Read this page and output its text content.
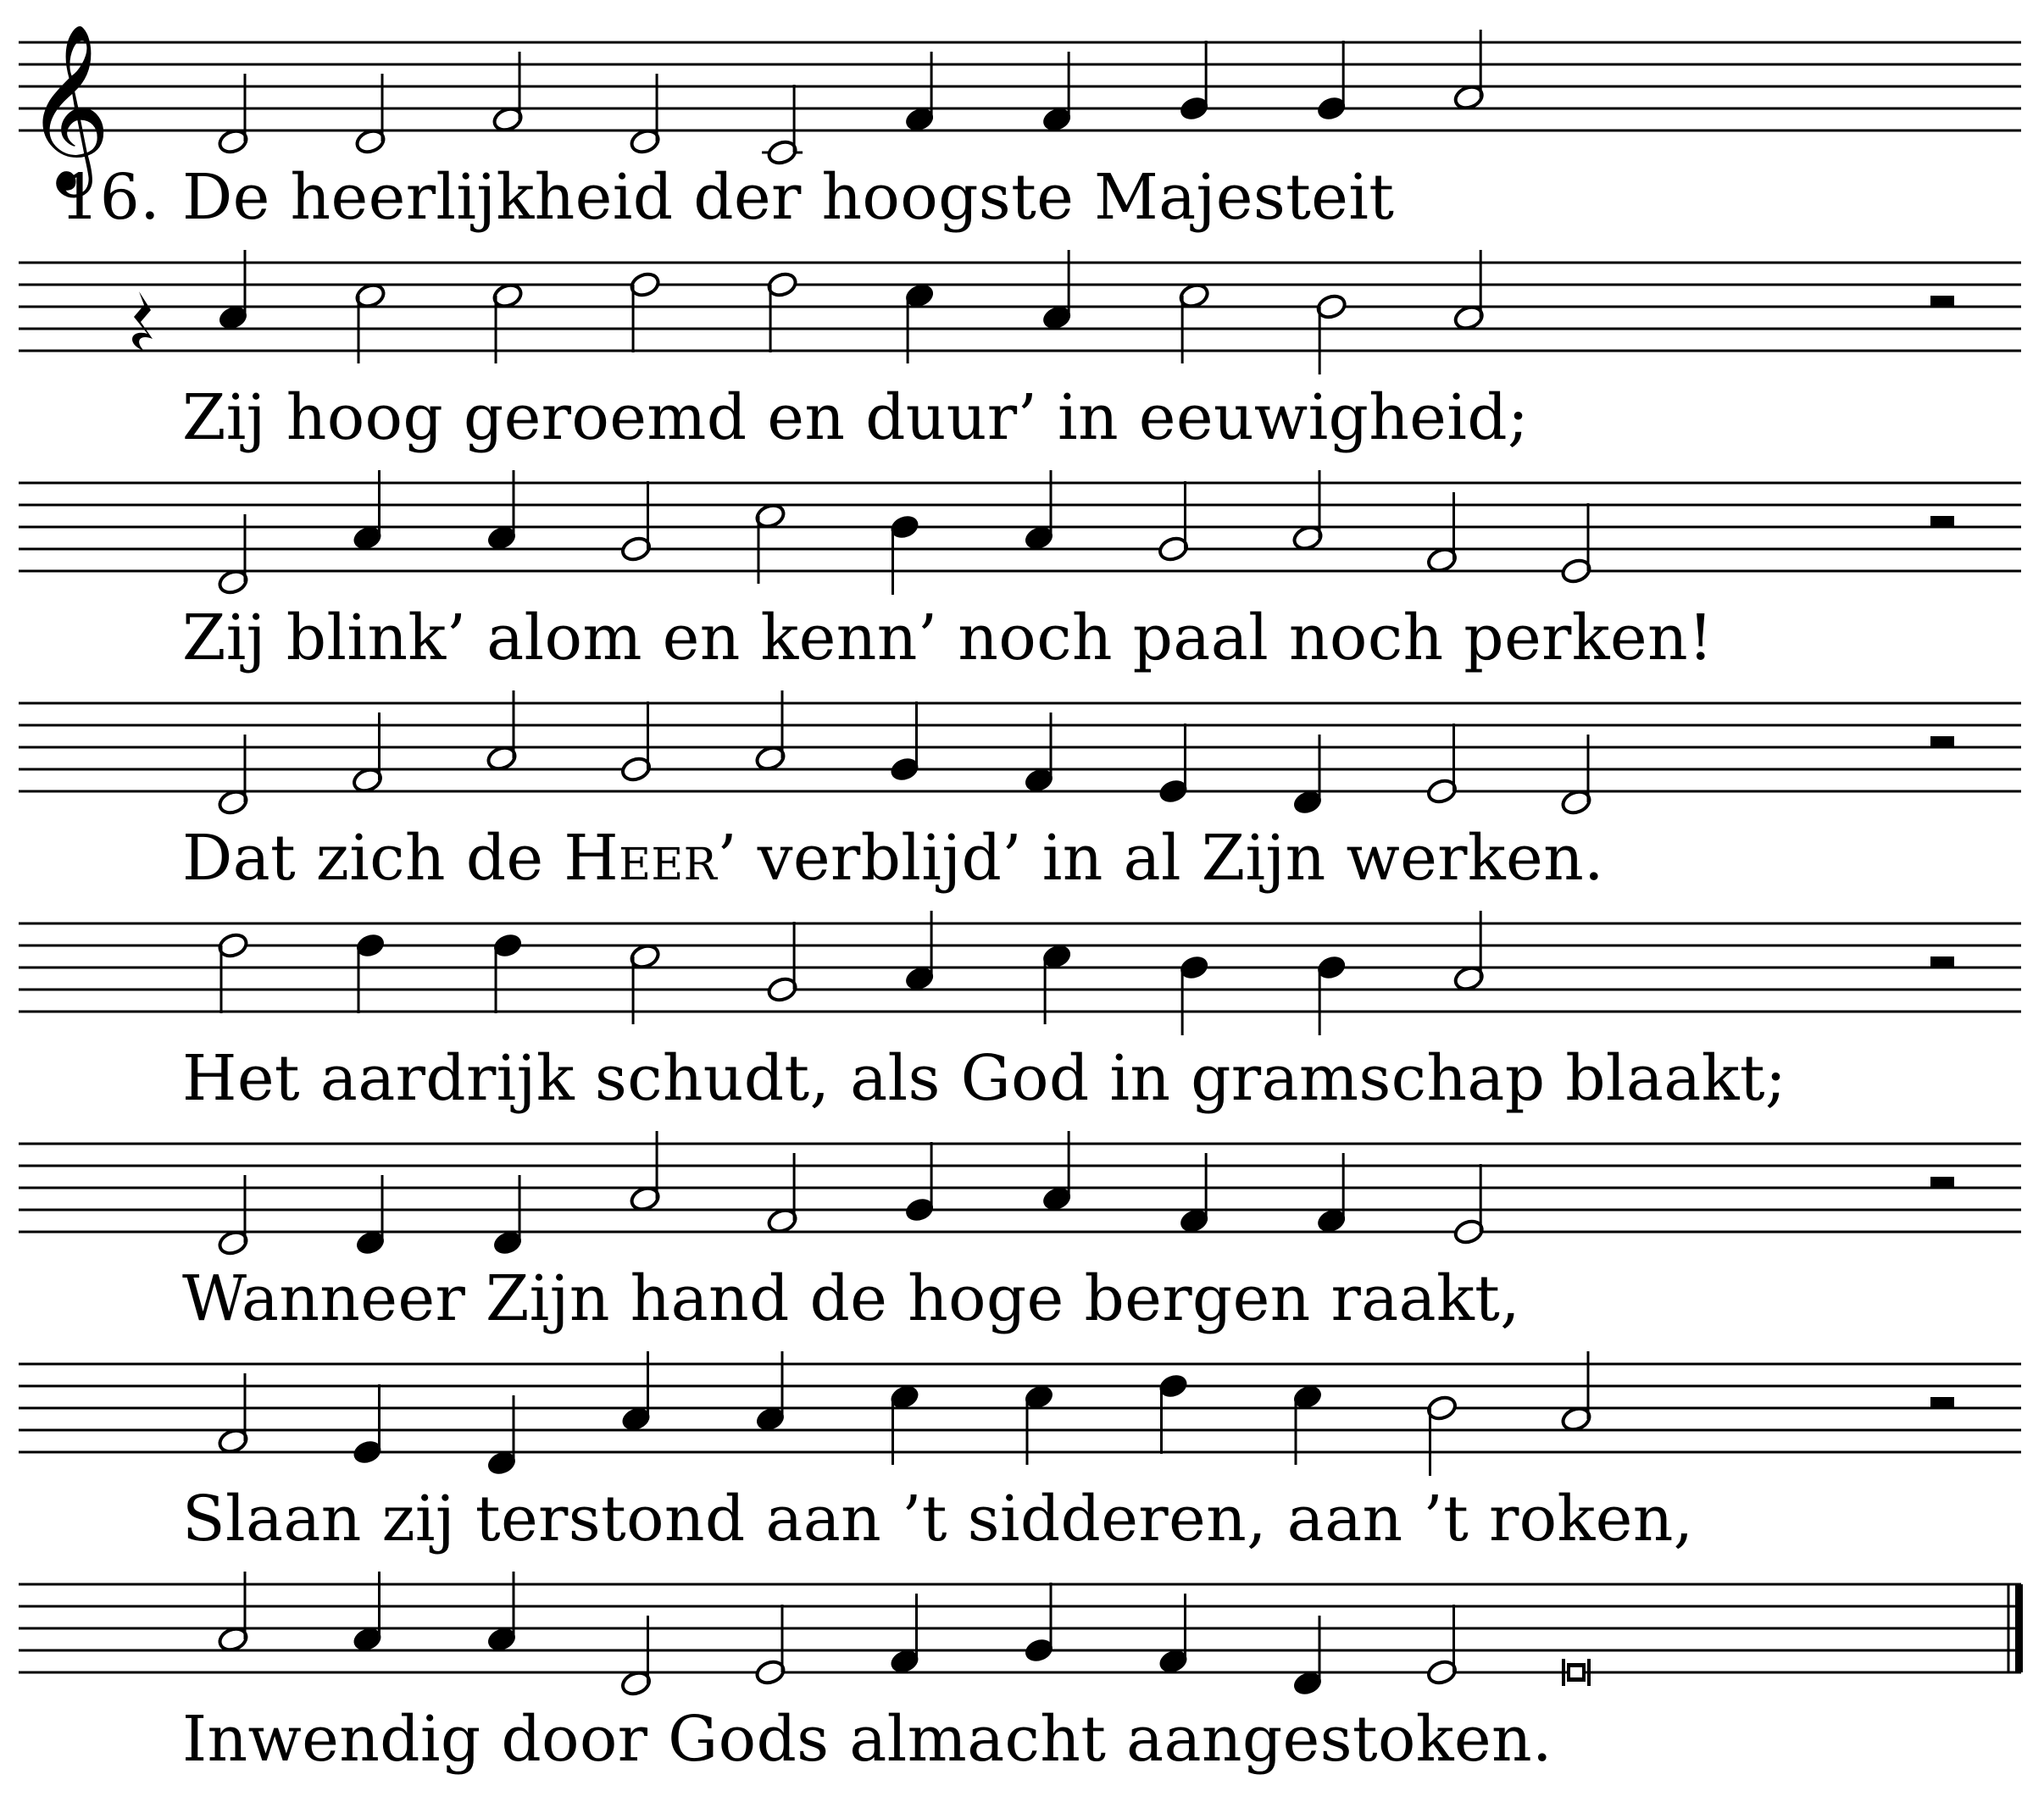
𝄞
16. De heerlijkheid der hoogste Majesteit
Zij hoog geroemd en duur’ in eeuwigheid;
Zij blink’ alom en kenn’ noch paal noch perken!
Dat zich de Heer’ verblijd’ in al Zijn werken.
Het aardrijk schudt, als God in gramschap blaakt;
Wanneer Zijn hand de hoge bergen raakt,
Slaan zij terstond aan ’t sidderen, aan ’t roken,
Inwendig door Gods almacht aangestoken.
